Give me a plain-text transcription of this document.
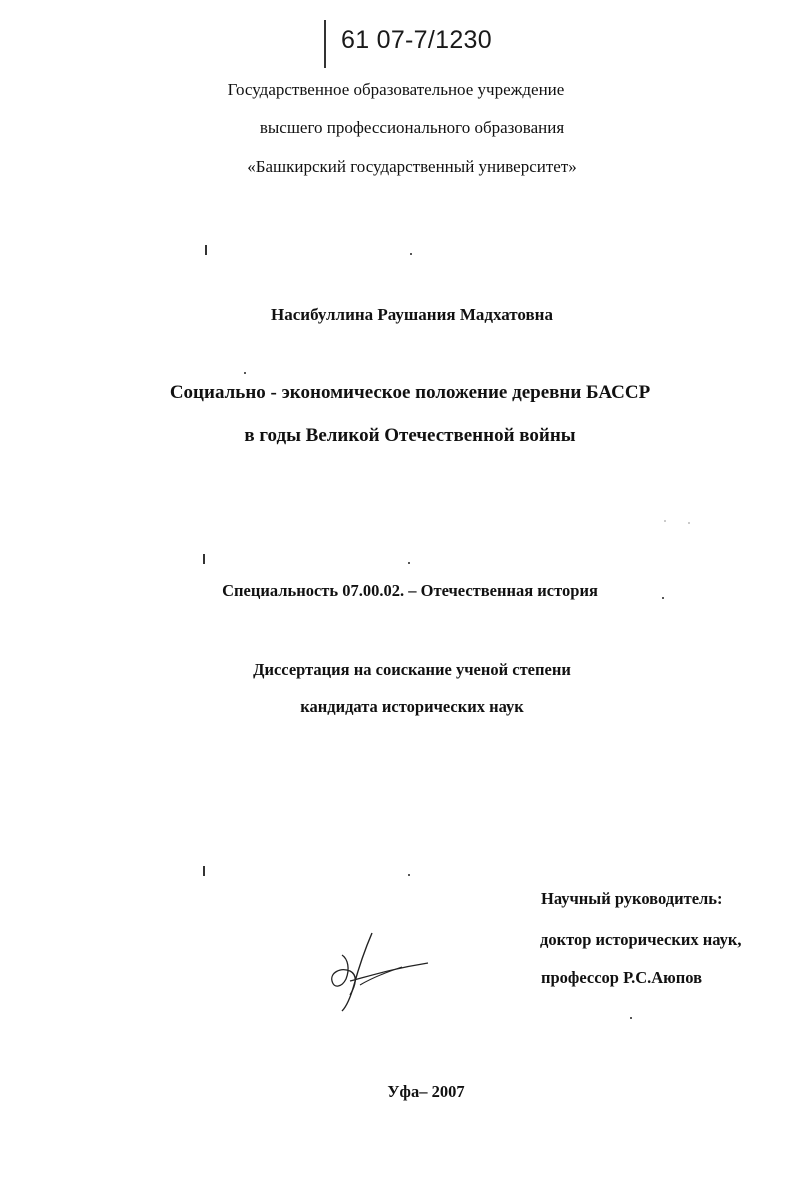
61 07-7/1230
Государственное образовательное учреждение
высшего профессионального образования
«Башкирский государственный университет»
Насибуллина Раушания Мадхатовна
Социально - экономическое положение деревни БАССР
в годы Великой Отечественной войны
Специальность 07.00.02. – Отечественная история
Диссертация на соискание ученой степени
кандидата исторических наук
Научный руководитель:
доктор исторических наук,
профессор Р.С.Аюпов
Уфа– 2007
